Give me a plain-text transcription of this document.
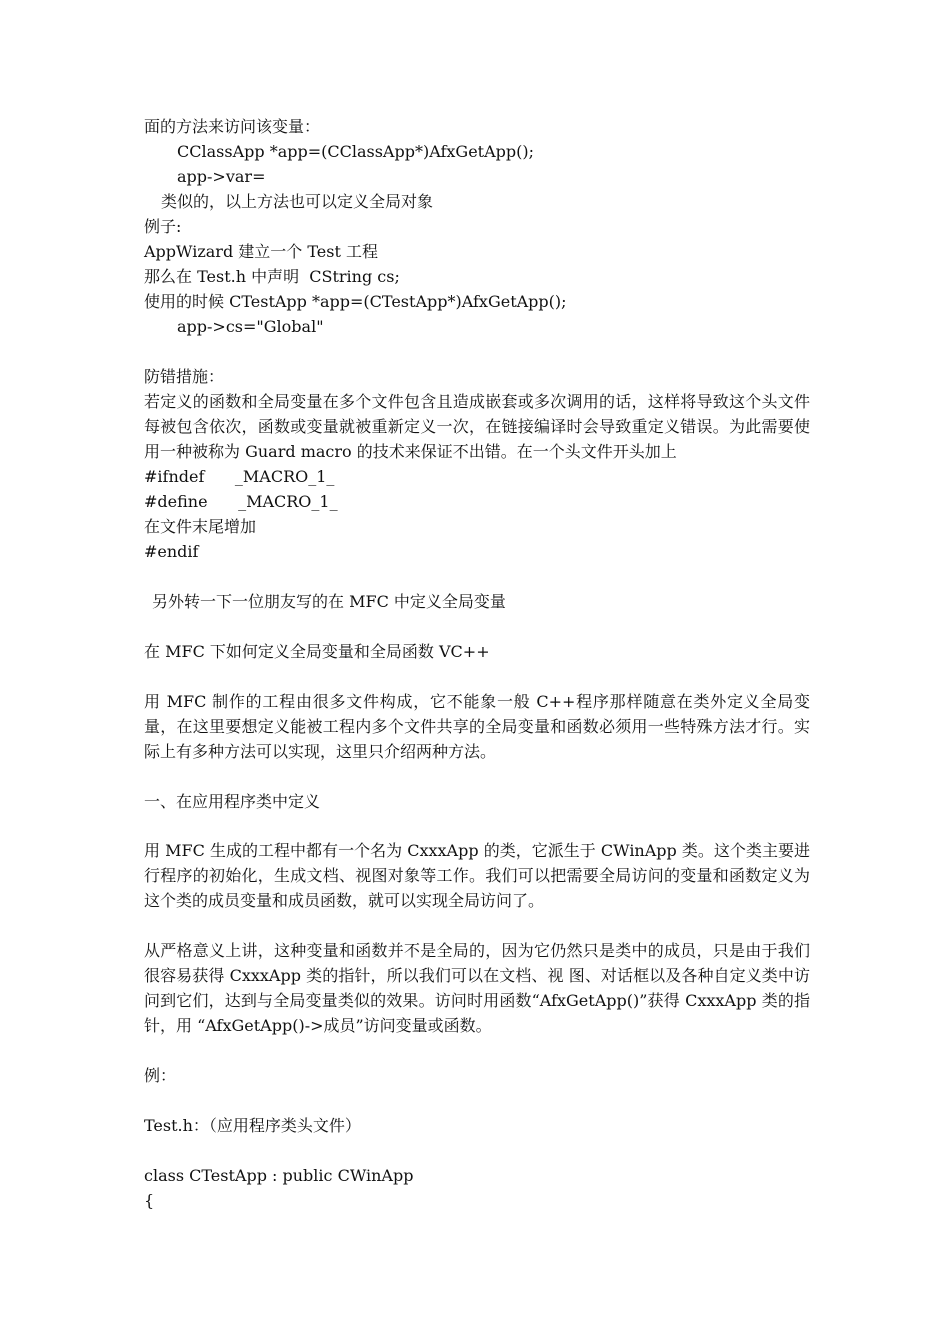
面的方法来访问该变量：
CClassApp *app=(CClassApp*)AfxGetApp();
app->var=
类似的，以上方法也可以定义全局对象
例子:
AppWizard 建立一个 Test 工程
那么在 Test.h 中声明  CString cs;
使用的时候 CTestApp *app=(CTestApp*)AfxGetApp();
app->cs="Global"
防错措施：
若定义的函数和全局变量在多个文件包含且造成嵌套或多次调用的话，这样将导致这个头文件每被包含依次，函数或变量就被重新定义一次，在链接编译时会导致重定义错误。为此需要使用一种被称为 Guard macro 的技术来保证不出错。在一个头文件开头加上
#ifndef      _MACRO_1_
#define      _MACRO_1_
在文件末尾增加
#endif
另外转一下一位朋友写的在 MFC 中定义全局变量
在 MFC 下如何定义全局变量和全局函数 VC++
用 MFC 制作的工程由很多文件构成，它不能象一般 C++程序那样随意在类外定义全局变量，在这里要想定义能被工程内多个文件共享的全局变量和函数必须用一些特殊方法才行。实际上有多种方法可以实现，这里只介绍两种方法。
一、在应用程序类中定义
用 MFC 生成的工程中都有一个名为 CxxxApp 的类，它派生于 CWinApp 类。这个类主要进行程序的初始化，生成文档、视图对象等工作。我们可以把需要全局访问的变量和函数定义为这个类的成员变量和成员函数，就可以实现全局访问了。
从严格意义上讲，这种变量和函数并不是全局的，因为它仍然只是类中的成员，只是由于我们很容易获得 CxxxApp 类的指针，所以我们可以在文档、视 图、对话框以及各种自定义类中访问到它们，达到与全局变量类似的效果。访问时用函数“AfxGetApp()”获得 CxxxApp 类的指针，用 “AfxGetApp()->成员”访问变量或函数。
例：
Test.h：（应用程序类头文件）
class CTestApp : public CWinApp
{
